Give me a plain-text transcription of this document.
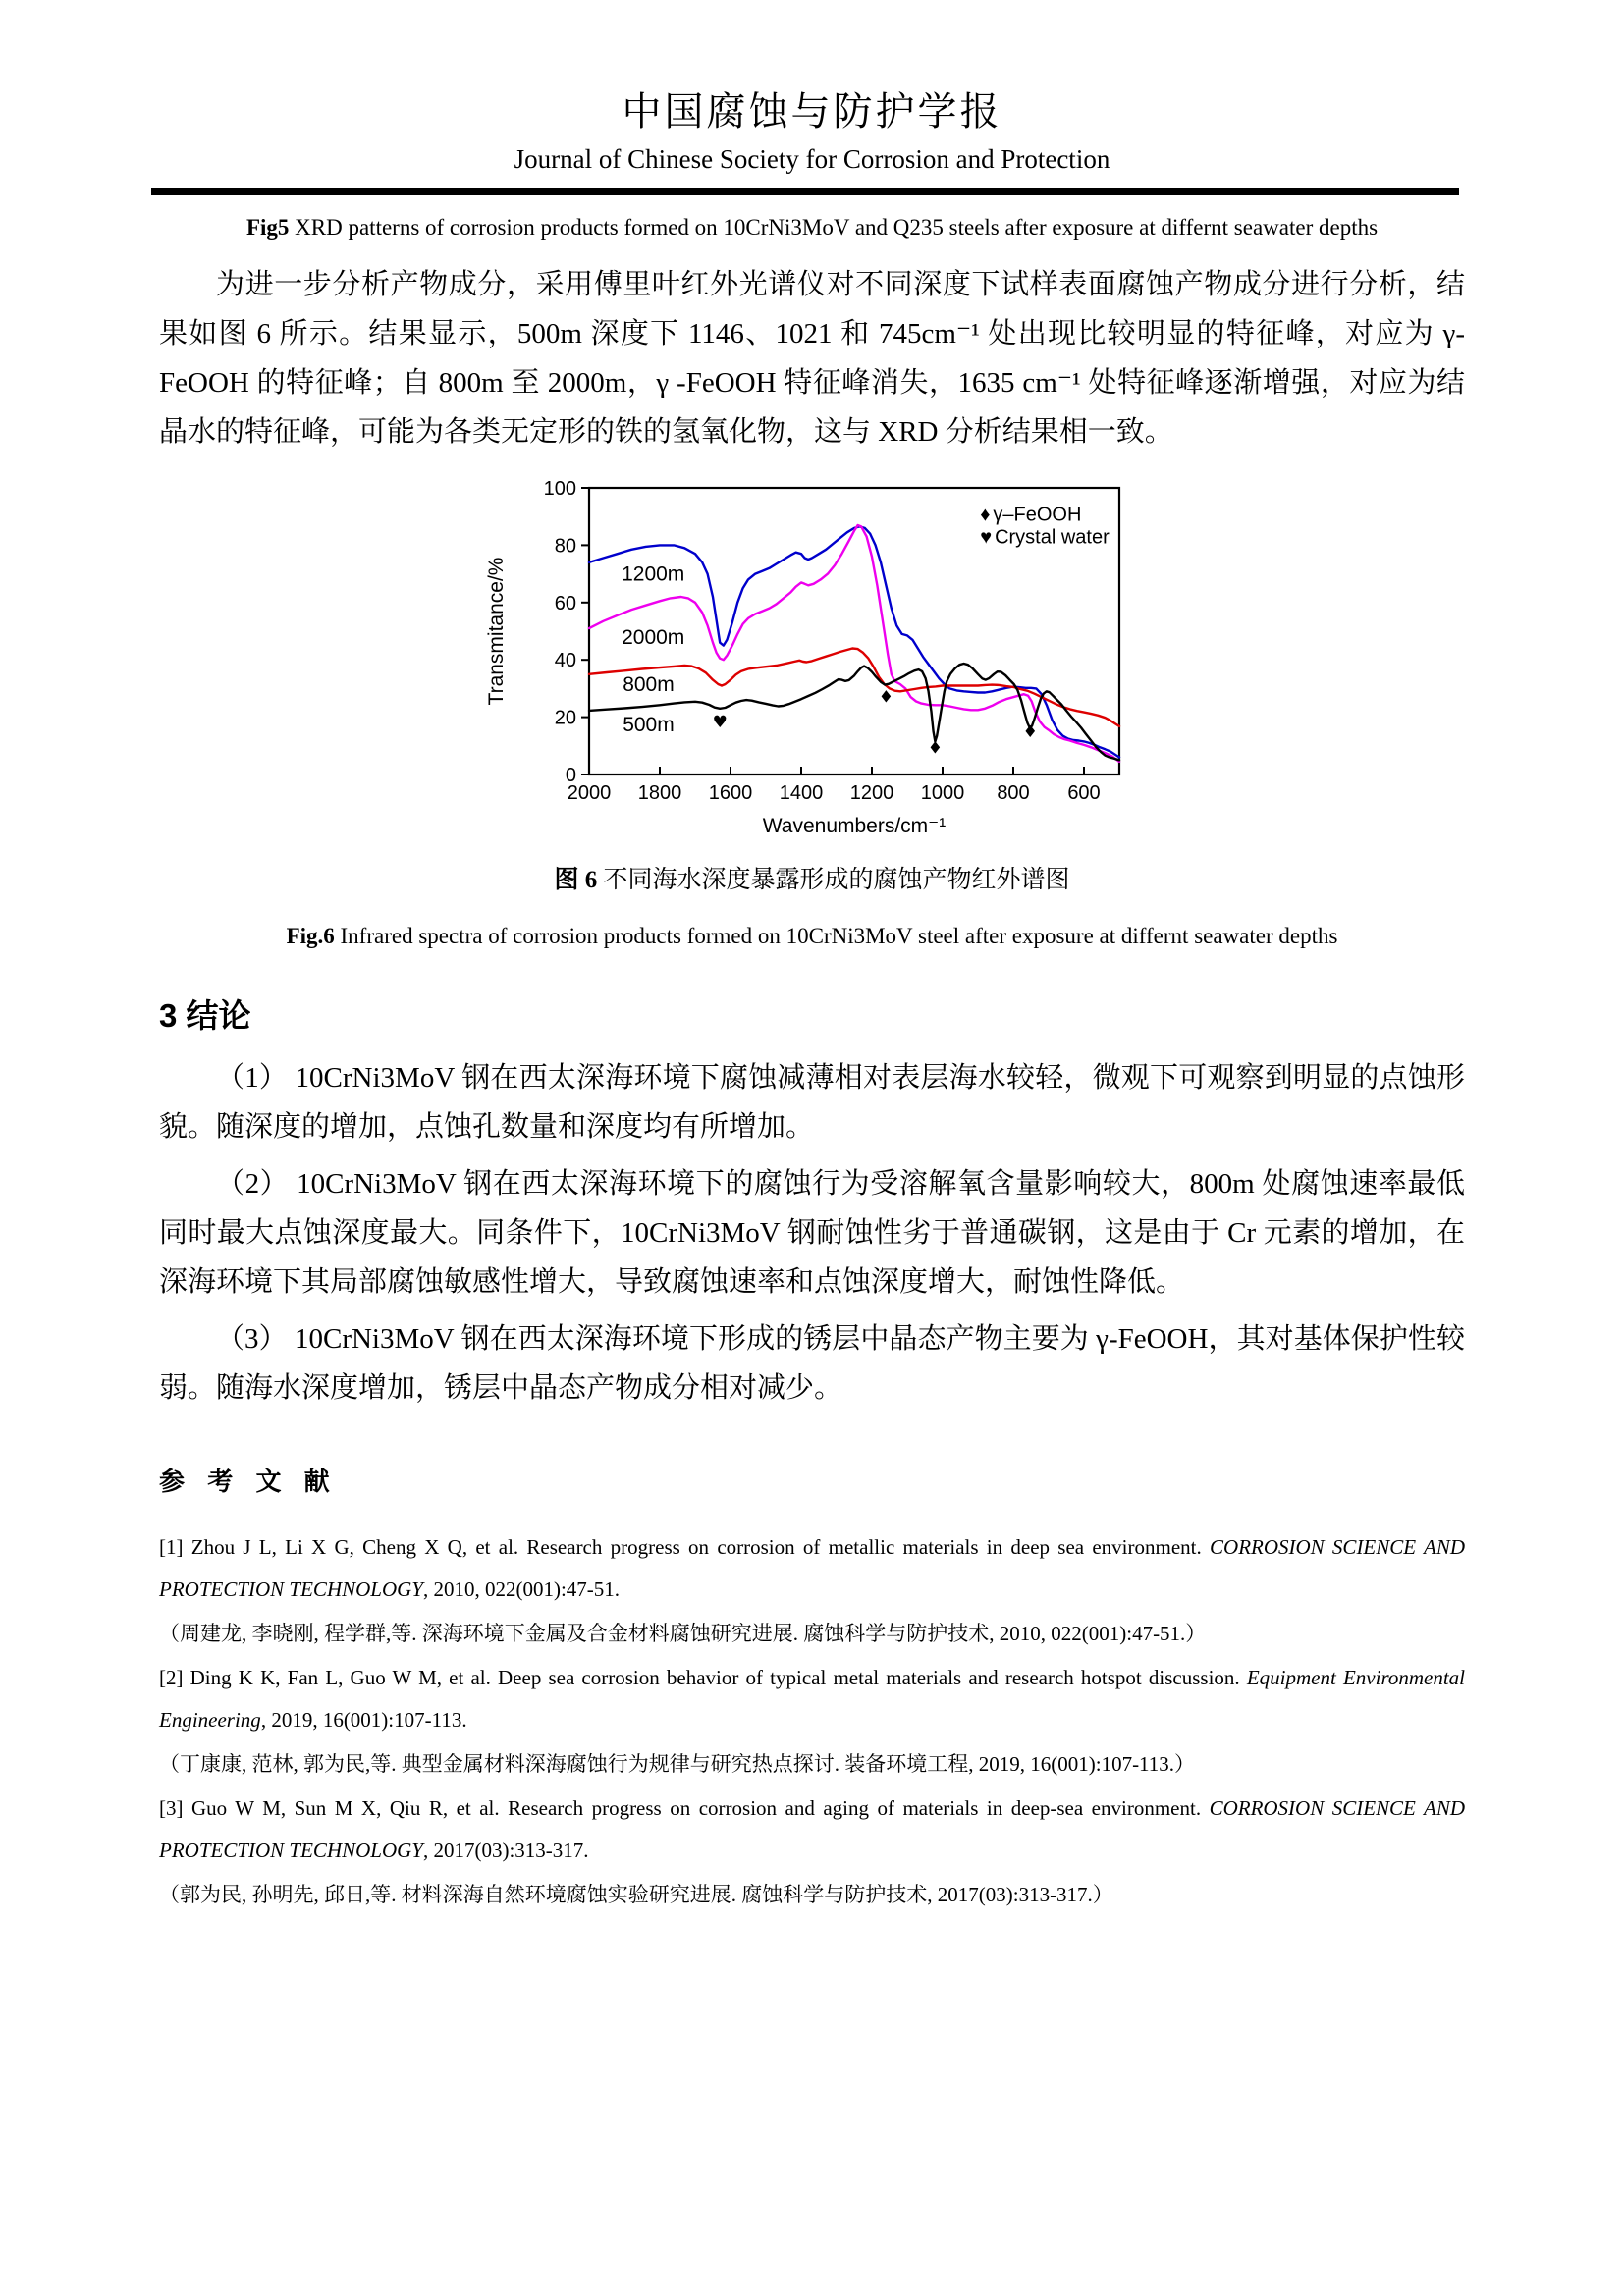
中国腐蚀与防护学报
Journal of Chinese Society for Corrosion and Protection

Fig5 XRD patterns of corrosion products formed on 10CrNi3MoV and Q235 steels after exposure at differnt seawater depths

为进一步分析产物成分，采用傅里叶红外光谱仪对不同深度下试样表面腐蚀产物成分进行分析，结果如图 6 所示。结果显示，500m 深度下 1146、1021 和 745cm⁻¹ 处出现比较明显的特征峰，对应为 γ-FeOOH 的特征峰；自 800m 至 2000m，γ -FeOOH 特征峰消失，1635 cm⁻¹ 处特征峰逐渐增强，对应为结晶水的特征峰，可能为各类无定形的铁的氢氧化物，这与 XRD 分析结果相一致。

2000 1800 1600 1400 1200 1000 800 600
0
20
40
60
80
100
1200m
2000m
800m
500m ♥
♦
♦
♦
♦ γ–FeOOH
♥ Crystal water
Transmitance/%
Wavenumbers/cm⁻¹

图 6 不同海水深度暴露形成的腐蚀产物红外谱图

Fig.6 Infrared spectra of corrosion products formed on 10CrNi3MoV steel after exposure at differnt seawater depths

3 结论

（1） 10CrNi3MoV 钢在西太深海环境下腐蚀减薄相对表层海水较轻，微观下可观察到明显的点蚀形貌。随深度的增加，点蚀孔数量和深度均有所增加。

（2） 10CrNi3MoV 钢在西太深海环境下的腐蚀行为受溶解氧含量影响较大，800m 处腐蚀速率最低同时最大点蚀深度最大。同条件下，10CrNi3MoV 钢耐蚀性劣于普通碳钢，这是由于 Cr 元素的增加，在深海环境下其局部腐蚀敏感性增大，导致腐蚀速率和点蚀深度增大，耐蚀性降低。

（3） 10CrNi3MoV 钢在西太深海环境下形成的锈层中晶态产物主要为 γ-FeOOH，其对基体保护性较弱。随海水深度增加，锈层中晶态产物成分相对减少。

参 考 文 献

[1] Zhou J L, Li X G, Cheng X Q, et al. Research progress on corrosion of metallic materials in deep sea environment. CORROSION SCIENCE AND PROTECTION TECHNOLOGY, 2010, 022(001):47-51.

（周建龙, 李晓刚, 程学群,等. 深海环境下金属及合金材料腐蚀研究进展. 腐蚀科学与防护技术, 2010, 022(001):47-51.）

[2] Ding K K, Fan L, Guo W M, et al. Deep sea corrosion behavior of typical metal materials and research hotspot discussion. Equipment Environmental Engineering, 2019, 16(001):107-113.

（丁康康, 范林, 郭为民,等. 典型金属材料深海腐蚀行为规律与研究热点探讨. 装备环境工程, 2019, 16(001):107-113.）

[3] Guo W M, Sun M X, Qiu R, et al. Research progress on corrosion and aging of materials in deep-sea environment. CORROSION SCIENCE AND PROTECTION TECHNOLOGY, 2017(03):313-317.

（郭为民, 孙明先, 邱日,等. 材料深海自然环境腐蚀实验研究进展. 腐蚀科学与防护技术, 2017(03):313-317.）
